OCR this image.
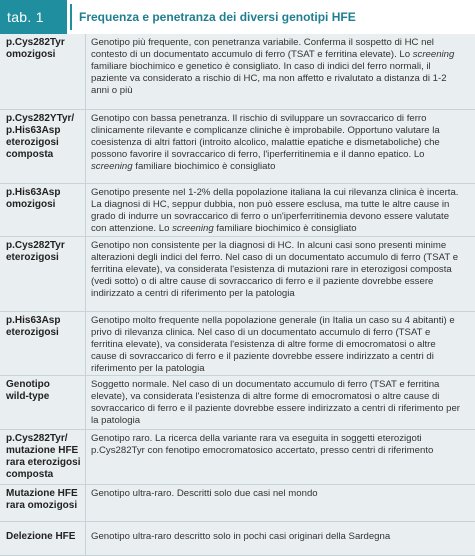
tab. 1	Frequenza e penetranza dei diversi genotipi HFE
p.Cys282Tyr
omozigosi
Genotipo più frequente, con penetranza variabile. Conferma il sospetto di HC nel contesto di un documentato accumulo di ferro (TSAT e ferritina elevate). Lo screening familiare biochimico e genetico è consigliato. In caso di indici del ferro normali, il paziente va considerato a rischio di HC, ma non affetto e rivalutato a distanza di 1-2 anni o più
p.Cys282YTyr/
p.His63Asp
eterozigosi
composta
Genotipo con bassa penetranza. Il rischio di sviluppare un sovraccarico di ferro clinicamente rilevante e complicanze cliniche è improbabile. Opportuno valutare la coesistenza di altri fattori (introito alcolico, malattie epatiche e dismetaboliche) che possono favorire il sovraccarico di ferro, l'iperferritinemia e il danno epatico. Lo screening familiare biochimico è consigliato
p.His63Asp
omozigosi
Genotipo presente nel 1-2% della popolazione italiana la cui rilevanza clinica è incerta. La diagnosi di HC, seppur dubbia, non può essere esclusa, ma tutte le altre cause in grado di indurre un sovraccarico di ferro o un'iperferritinemia devono essere valutate con attenzione. Lo screening familiare biochimico è consigliato
p.Cys282Tyr
eterozigosi
Genotipo non consistente per la diagnosi di HC. In alcuni casi sono presenti minime alterazioni degli indici del ferro. Nel caso di un documentato accumulo di ferro (TSAT e ferritina elevate), va considerata l'esistenza di mutazioni rare in eterozigosi composta (vedi sotto) o di altre cause di sovraccarico di ferro e il paziente dovrebbe essere indirizzato a centri di riferimento per la patologia
p.His63Asp
eterozigosi
Genotipo molto frequente nella popolazione generale (in Italia un caso su 4 abitanti) e privo di rilevanza clinica. Nel caso di un documentato accumulo di ferro (TSAT e ferritina elevate), va considerata l'esistenza di altre forme di emocromatosi o altre cause di sovraccarico di ferro e il paziente dovrebbe essere indirizzato a centri di riferimento per la patologia
Genotipo
wild-type
Soggetto normale. Nel caso di un documentato accumulo di ferro (TSAT e ferritina elevate), va considerata l'esistenza di altre forme di emocromatosi o altre cause di sovraccarico di ferro e il paziente dovrebbe essere indirizzato a centri di riferimento per la patologia
p.Cys282Tyr/
mutazione HFE
rara eterozigosi
composta
Genotipo raro. La ricerca della variante rara va eseguita in soggetti eterozigoti p.Cys282Tyr con fenotipo emocromatosico accertato, presso centri di riferimento
Mutazione HFE
rara omozigosi
Genotipo ultra-raro. Descritti solo due casi nel mondo
Delezione HFE	Genotipo ultra-raro descritto solo in pochi casi originari della Sardegna
